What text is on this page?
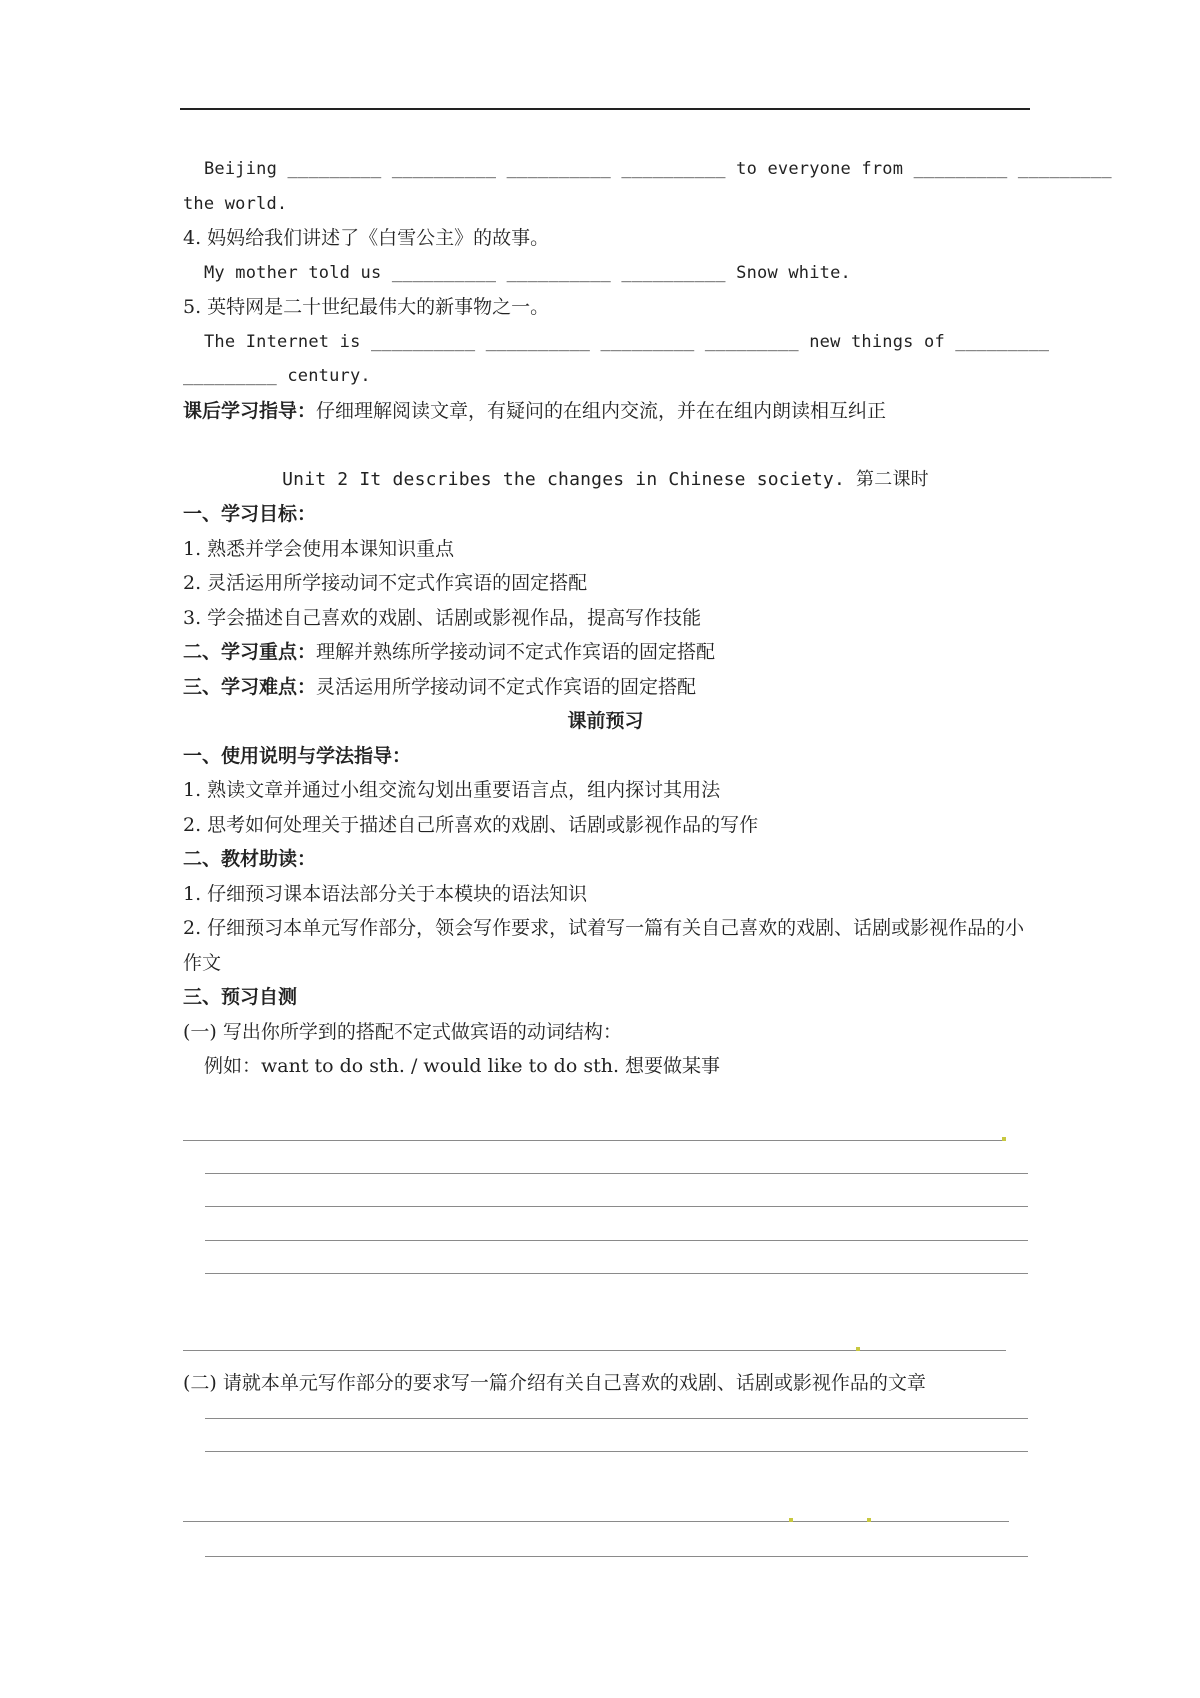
Beijing _________ __________ __________ __________ to everyone from _________ _________
the world.
4. 妈妈给我们讲述了《白雪公主》的故事。
My mother told us __________ __________ __________ Snow white.
5. 英特网是二十世纪最伟大的新事物之一。
The Internet is __________ __________ _________ _________ new things of _________
_________ century.
课后学习指导：仔细理解阅读文章，有疑问的在组内交流，并在在组内朗读相互纠正
Unit 2 It describes the changes in Chinese society. 第二课时
一、学习目标：
1. 熟悉并学会使用本课知识重点
2. 灵活运用所学接动词不定式作宾语的固定搭配
3. 学会描述自己喜欢的戏剧、话剧或影视作品，提高写作技能
二、学习重点：理解并熟练所学接动词不定式作宾语的固定搭配
三、学习难点：灵活运用所学接动词不定式作宾语的固定搭配
课前预习
一、使用说明与学法指导：
1. 熟读文章并通过小组交流勾划出重要语言点，组内探讨其用法
2. 思考如何处理关于描述自己所喜欢的戏剧、话剧或影视作品的写作
二、教材助读：
1. 仔细预习课本语法部分关于本模块的语法知识
2. 仔细预习本单元写作部分，领会写作要求，试着写一篇有关自己喜欢的戏剧、话剧或影视作品的小作文
三、预习自测
(一) 写出你所学到的搭配不定式做宾语的动词结构：
例如：want to do sth. / would like to do sth. 想要做某事
(二) 请就本单元写作部分的要求写一篇介绍有关自己喜欢的戏剧、话剧或影视作品的文章
